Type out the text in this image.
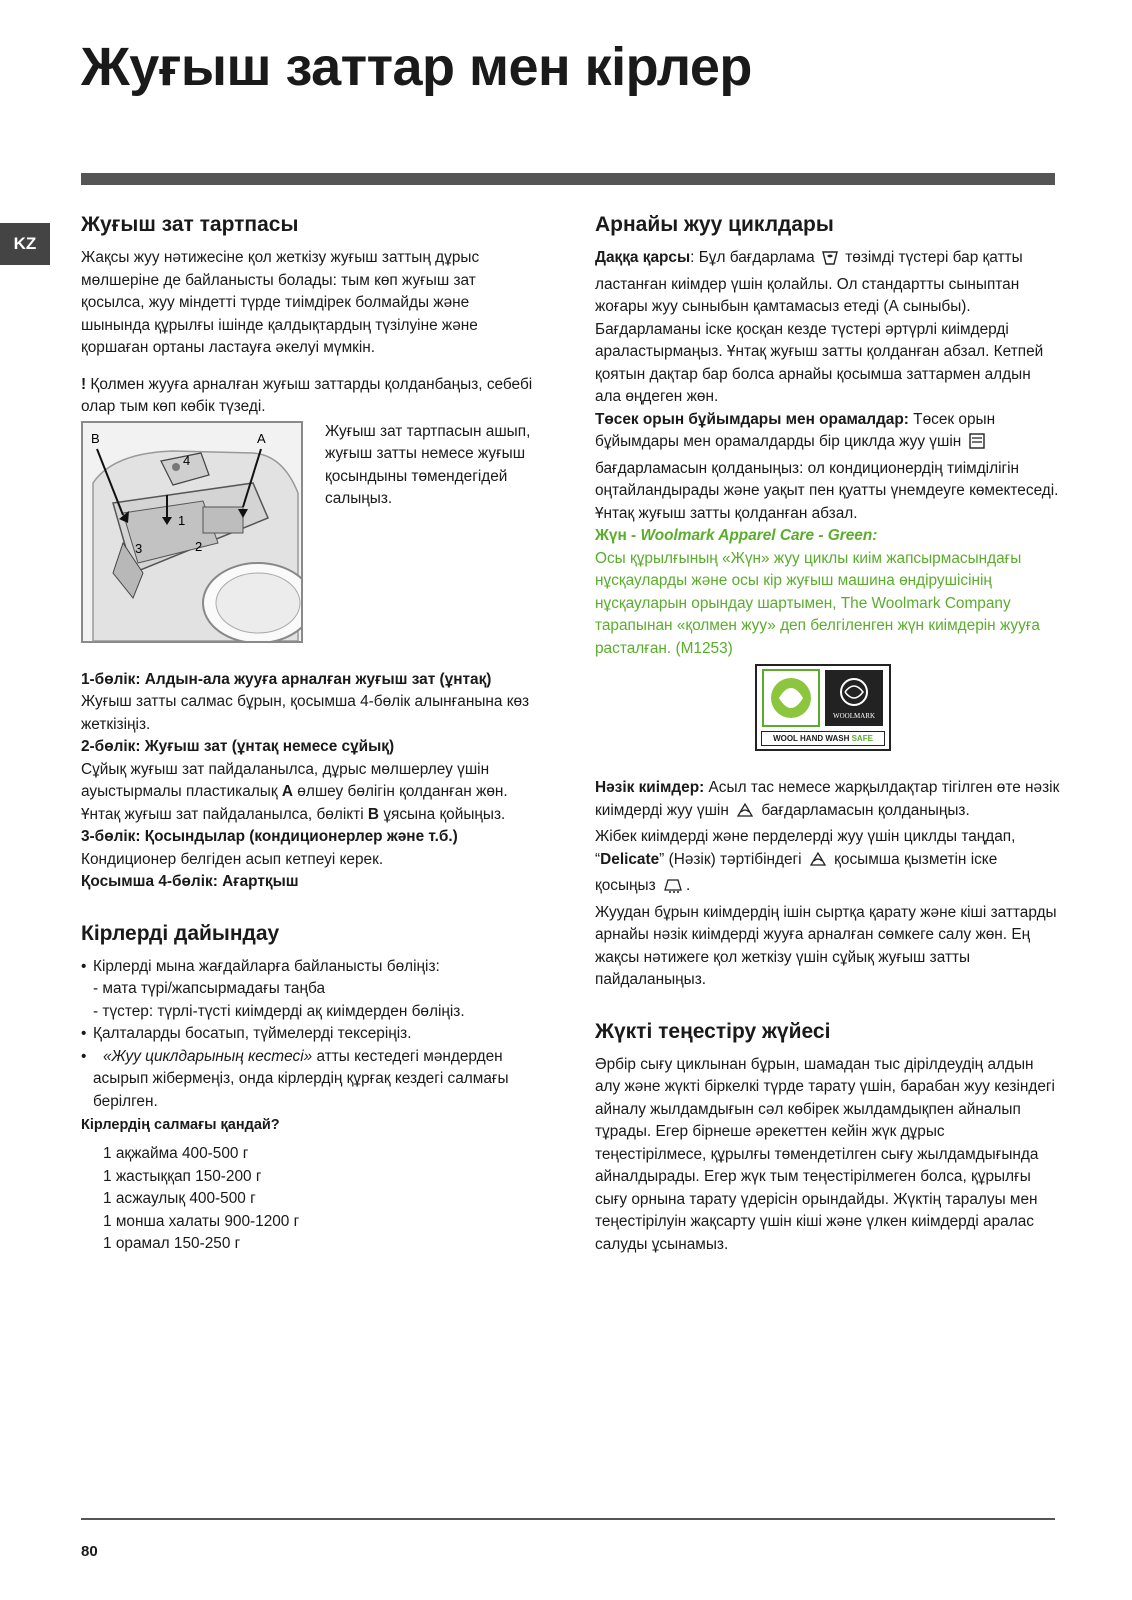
Жуғыш заттар мен кірлер
KZ
Жуғыш зат тартпасы

Жақсы жуу нәтижесіне қол жеткізу жуғыш заттың дұрыс мөлшеріне де байланысты болады: тым көп жуғыш зат қосылса, жуу міндетті түрде тиімдірек болмайды және шынында құрылғы ішінде қалдықтардың түзілуіне және қоршаған ортаны ластауға әкелуі мүмкін.

! Қолмен жууға арналған жуғыш заттарды қолданбаңыз, себебі олар тым көп көбік түзеді.

B	A
1
2
3
4

Жуғыш зат тартпасын ашып, жуғыш затты немесе жуғыш қосындыны төмендегідей салыңыз.

1-бөлік: Алдын-ала жууға арналған жуғыш зат (ұнтақ)

Жуғыш затты салмас бұрын, қосымша 4-бөлік алынғанына көз жеткізіңіз.

2-бөлік: Жуғыш зат (ұнтақ немесе сұйық)

Сұйық жуғыш зат пайдаланылса, дұрыс мөлшерлеу үшін ауыстырмалы пластикалық A өлшеу бөлігін қолданған жөн.

Ұнтақ жуғыш зат пайдаланылса, бөлікті B ұясына қойыңыз.

3-бөлік: Қосындылар (кондиционерлер және т.б.)

Кондиционер белгіден асып кетпеуі керек.

Қосымша 4-бөлік: Ағартқыш

Кірлерді дайындау
• Кірлерді мына жағдайларға байланысты бөліңіз:

- мата түрі/жапсырмадағы таңба

- түстер: түрлі-түсті киімдерді ақ киімдерден бөліңіз.

• Қалталарды босатып, түймелерді тексеріңіз.
• «Жуу циклдарының кестесі» атты кестедегі мәндерден асырып жібермеңіз, онда кірлердің құрғақ кездегі салмағы берілген.

Кірлердің салмағы қандай?

1 ақжайма 400-500 г

1 жастыққап 150-200 г

1 асжаулық 400-500 г

1 монша халаты 900-1200 г

1 орамал 150-250 г

Арнайы жуу циклдары

Даққа қарсы: Бұл бағдарлама  төзімді түстері бар қатты ластанған киімдер үшін қолайлы. Ол стандартты сыныптан жоғары жуу сыныбын қамтамасыз етеді (А сыныбы). Бағдарламаны іске қосқан кезде түстері әртүрлі киімдерді араластырмаңыз. Ұнтақ жуғыш затты қолданған абзал. Кетпей қоятын дақтар бар болса арнайы қосымша заттармен алдын ала өңдеген жөн.

Төсек орын бұйымдары мен орамалдар: Төсек орын бұйымдары мен орамалдарды бір циклда жуу үшін  бағдарламасын қолданыңыз: ол кондиционердің тиімділігін оңтайландырады және уақыт пен қуатты үнемдеуге көмектеседі. Ұнтақ жуғыш затты қолданған абзал.

Жүн - Woolmark Apparel Care - Green:

Осы құрылғының «Жүн» жуу циклы киім жапсырмасындағы нұсқауларды және осы кір жуғыш машина өндірушісінің нұсқауларын орындау шартымен, The Woolmark Company тарапынан «қолмен жуу» деп белгіленген жүн киімдерін жууға расталған. (M1253)

WOOLMARK
WOOL HAND WASH SAFE

Нәзік киімдер: Асыл тас немесе жарқылдақтар тігілген өте нәзік киімдерді жуу үшін  бағдарламасын қолданыңыз.

Жібек киімдерді және перделерді жуу үшін циклды таңдап, “Delicate” (Нәзік) тәртібіндегі  қосымша қызметін іске қосыңыз .

Жуудан бұрын киімдердің ішін сыртқа қарату және кіші заттарды арнайы нәзік киімдерді жууға арналған сөмкеге салу жөн. Ең жақсы нәтижеге қол жеткізу үшін сұйық жуғыш затты пайдаланыңыз.

Жүкті теңестіру жүйесі

Әрбір сығу циклынан бұрын, шамадан тыс дірілдеудің алдын алу және жүкті біркелкі түрде тарату үшін, барабан жуу кезіндегі айналу жылдамдығын сәл көбірек жылдамдықпен айналып тұрады. Егер бірнеше әрекеттен кейін жүк дұрыс теңестірілмесе, құрылғы төмендетілген сығу жылдамдығында айналдырады. Егер жүк тым теңестірілмеген болса, құрылғы сығу орнына тарату үдерісін орындайды. Жүктің таралуы мен теңестірілуін жақсарту үшін кіші және үлкен киімдерді аралас салуды ұсынамыз.

80
